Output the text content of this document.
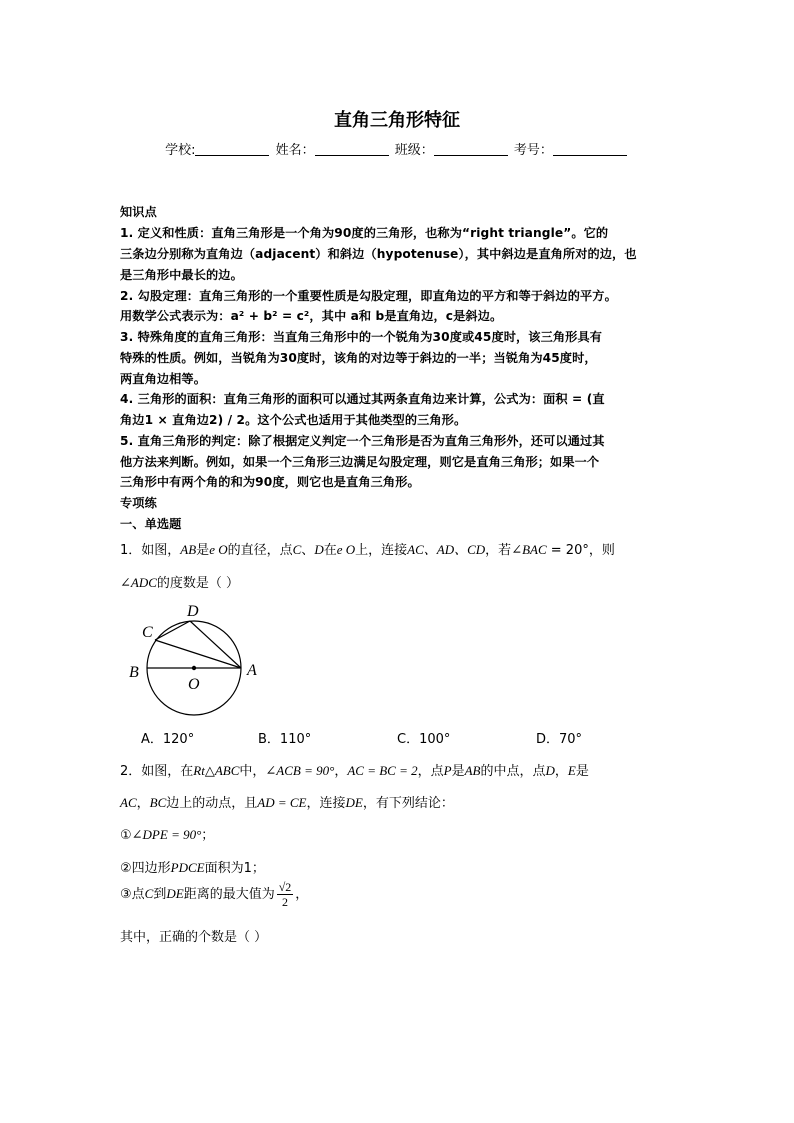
直角三角形特征
学校:	姓名：	班级：	考号：
知识点
1. 定义和性质：直角三角形是一个角为90度的三角形，也称为“right triangle”。它的
三条边分别称为直角边（adjacent）和斜边（hypotenuse），其中斜边是直角所对的边，也
是三角形中最长的边。
2. 勾股定理：直角三角形的一个重要性质是勾股定理，即直角边的平方和等于斜边的平方。
用数学公式表示为：a² + b² = c²，其中 a和 b是直角边，c是斜边。
3. 特殊角度的直角三角形：当直角三角形中的一个锐角为30度或45度时，该三角形具有
特殊的性质。例如，当锐角为30度时，该角的对边等于斜边的一半；当锐角为45度时，
两直角边相等。
4. 三角形的面积：直角三角形的面积可以通过其两条直角边来计算，公式为：面积 = (直
角边1 × 直角边2) / 2。这个公式也适用于其他类型的三角形。
5. 直角三角形的判定：除了根据定义判定一个三角形是否为直角三角形外，还可以通过其
他方法来判断。例如，如果一个三角形三边满足勾股定理，则它是直角三角形；如果一个
三角形中有两个角的和为90度，则它也是直角三角形。
专项练
一、单选题
1．如图，AB是e O的直径，点C、D在e O上，连接AC、AD、CD，若∠BAC = 20°，则
∠ADC的度数是（ ）
D
C
B	A
O
A．120°	B．110°	C．100°	D．70°
2．如图，在Rt△ABC中，∠ACB = 90°，AC = BC = 2，点P是AB的中点，点D，E是
AC，BC边上的动点，且AD = CE，连接DE，有下列结论：
①∠DPE = 90°；
②四边形PDCE面积为1；
③点C到DE距离的最大值为 $\frac{√2}{2}$ ，
其中，正确的个数是（ ）
